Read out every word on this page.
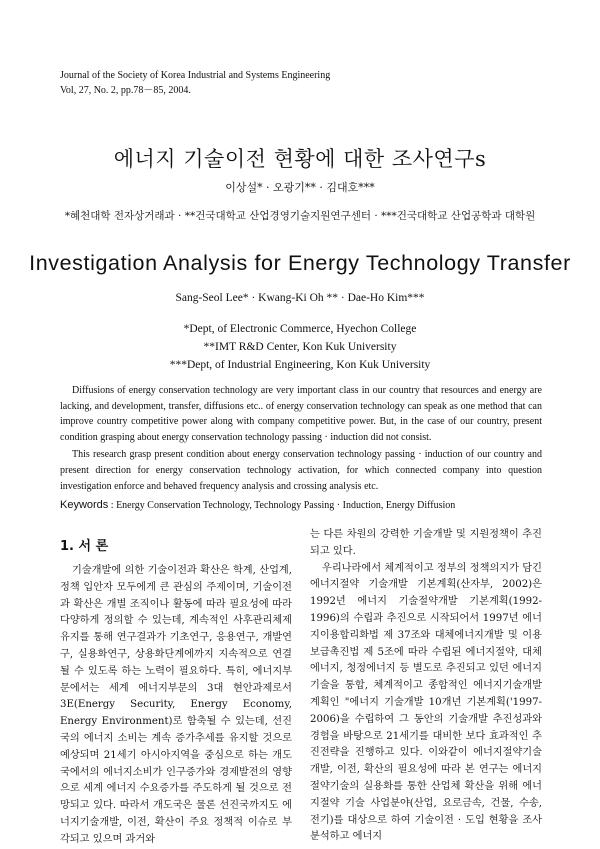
Journal of the Society of Korea Industrial and Systems Engineering
Vol, 27, No. 2, pp.78－85, 2004.
에너지 기술이전 현황에 대한 조사연구s
이상설* · 오광기** · 김대호***
*혜천대학 전자상거래과 · **건국대학교 산업경영기술지원연구센터 · ***건국대학교 산업공학과 대학원
Investigation Analysis for Energy Technology Transfer
Sang-Seol Lee* · Kwang-Ki Oh ** · Dae-Ho Kim***
*Dept, of Electronic Commerce, Hyechon College
**IMT R&D Center, Kon Kuk University
***Dept, of Industrial Engineering, Kon Kuk University

Diffusions of energy conservation technology are very important class in our country that resources and energy are lacking, and development, transfer, diffusions etc.. of energy conservation technology can speak as one method that can improve country competitive power along with company competitive power. But, in the case of our country, present condition grasping about energy conservation technology passing · induction did not consist.

This research grasp present condition about energy conservation technology passing · induction of our country and present direction for energy conservation technology activation, for which connected company into question investigation enforce and behaved frequency analysis and crossing analysis etc.

Keywords : Energy Conservation Technology, Technology Passing · Induction, Energy Diffusion

1. 서 론

기술개발에 의한 기술이전과 확산은 학계, 산업계, 정책 입안자 모두에게 큰 관심의 주제이며, 기술이전과 확산은 개별 조직이나 활동에 따라 필요성에 따라 다양하게 정의할 수 있는데, 계속적인 사후관리체제 유지를 통해 연구결과가 기초연구, 응용연구, 개발연구, 실용화연구, 상용화단계에까지 지속적으로 연결될 수 있도록 하는 노력이 필요하다. 특히, 에너지부문에서는 세계 에너지부문의 3대 현안과제로서 3E(Energy Security, Energy Economy, Energy Environment)로 함축될 수 있는데, 선진국의 에너지 소비는 계속 증가추세를 유지할 것으로 예상되며 21세기 아시아지역을 중심으로 하는 개도국에서의 에너지소비가 인구증가와 경제발전의 영향으로 세계 에너지 수요증가를 주도하게 될 것으로 전망되고 있다. 따라서 개도국은 물론 선진국까지도 에너지기술개발, 이전, 확산이 주요 정책적 이슈로 부각되고 있으며 과거와

는 다른 차원의 강력한 기술개발 및 지원정책이 추진되고 있다.

우리나라에서 체계적이고 정부의 정책의지가 담긴 에너지절약 기술개발 기본계획(산자부, 2002)은 1992년 에너지 기술절약개발 기본계획(1992-1996)의 수립과 추진으로 시작되어서 1997년 에너지이용합리화법 제 37조와 대체에너지개발 및 이용 보급촉진법 제 5조에 따라 수립된 에너지절약, 대체에너지, 청정에너지 등 별도로 추진되고 있던 에너지기술을 통합, 체계적이고 종합적인 에너지기술개발계획인 "에너지 기술개발 10개년 기본계획('1997-2006)을 수립하여 그 동안의 기술개발 추진성과와 경험을 바탕으로 21세기를 대비한 보다 효과적인 추진전략을 진행하고 있다. 이와같이 에너지절약기술 개발, 이전, 확산의 필요성에 따라 본 연구는 에너지절약기술의 실용화를 통한 산업체 확산을 위해 에너지절약 기술 사업분야(산업, 요로금속, 건물, 수송, 전기)를 대상으로 하여 기술이전 · 도입 현황을 조사분석하고 에너지
